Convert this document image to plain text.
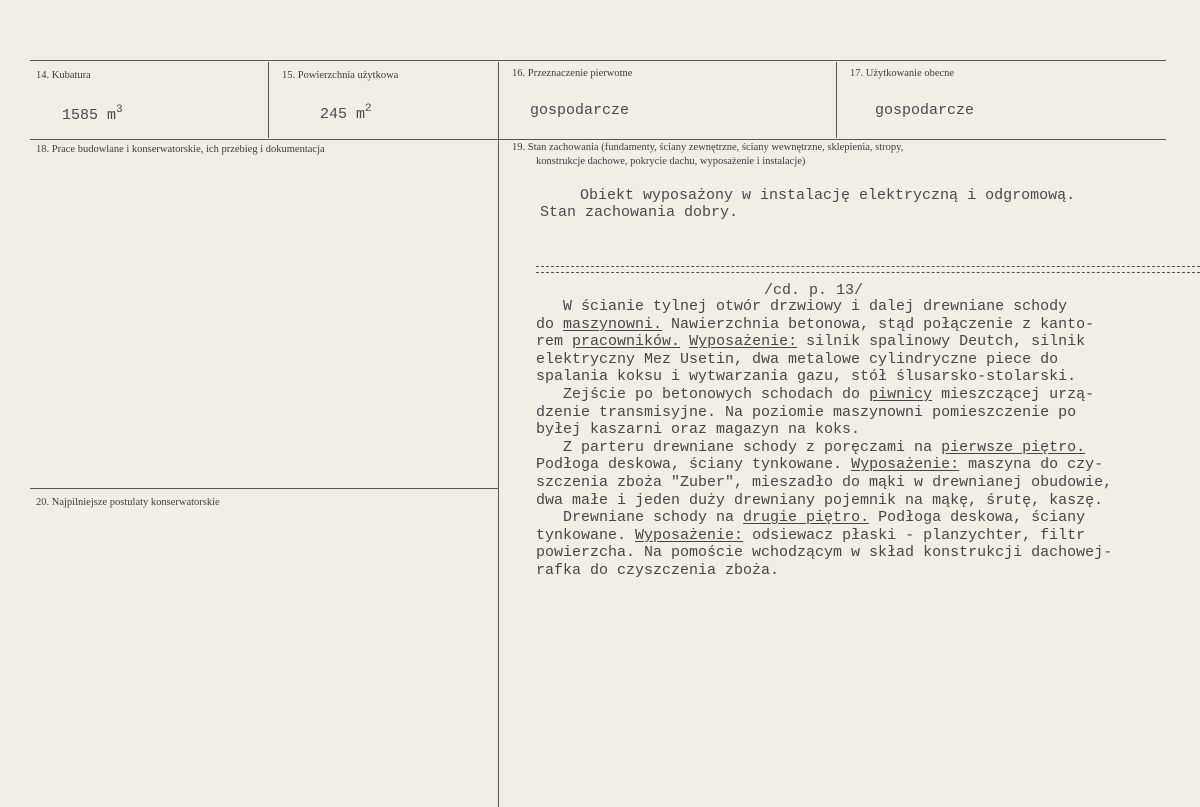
14. Kubatura
1585 $m^3$
15. Powierzchnia użytkowa
245 $m^2$
16. Przeznaczenie pierwotne
gospodarcze
17. Użytkowanie obecne
gospodarcze
18. Prace budowlane i konserwatorskie, ich przebieg i dokumentacja	19. Stan zachowania (fundamenty, ściany zewnętrzne, ściany wewnętrzne, sklepienia, stropy,
konstrukcje dachowe, pokrycie dachu, wyposażenie i instalacje)
Obiekt wyposażony w instalację elektryczną i odgromową.
Stan zachowania dobry.
/cd. p. 13/
W ścianie tylnej otwór drzwiowy i dalej drewniane schody
do maszynowni. Nawierzchnia betonowa, stąd połączenie z kanto-
rem pracowników. Wyposażenie: silnik spalinowy Deutch, silnik
elektryczny Mez Usetin, dwa metalowe cylindryczne piece do
spalania koksu i wytwarzania gazu, stół ślusarsko-stolarski.
Zejście po betonowych schodach do piwnicy mieszczącej urzą-
dzenie transmisyjne. Na poziomie maszynowni pomieszczenie po
byłej kaszarni oraz magazyn na koks.
Z parteru drewniane schody z poręczami na pierwsze piętro.
Podłoga deskowa, ściany tynkowane. Wyposażenie: maszyna do czy-
szczenia zboża "Zuber", mieszadło do mąki w drewnianej obudowie,
dwa małe i jeden duży drewniany pojemnik na mąkę, śrutę, kaszę.
Drewniane schody na drugie piętro. Podłoga deskowa, ściany
tynkowane. Wyposażenie: odsiewacz płaski - planzychter, filtr
powierzcha. Na pomoście wchodzącym w skład konstrukcji dachowej-
rafka do czyszczenia zboża.
20. Najpilniejsze postulaty konserwatorskie
